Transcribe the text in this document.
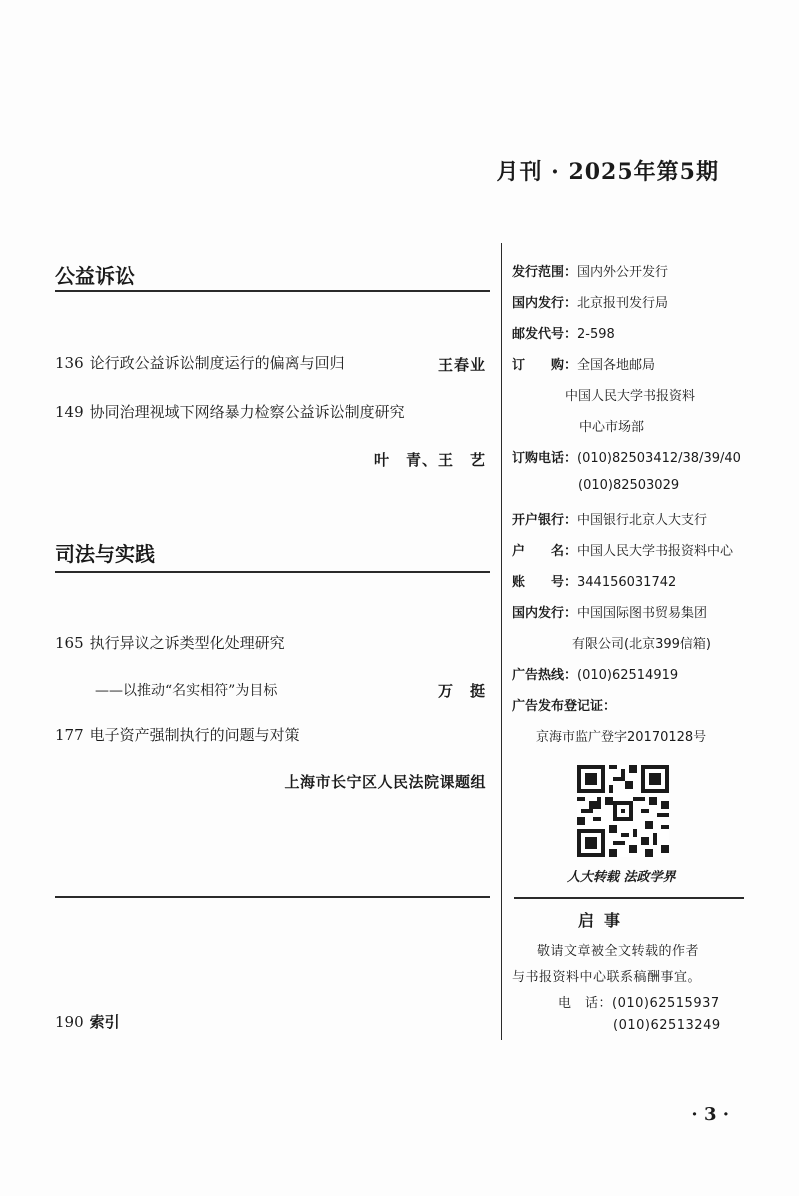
月刊 · 2025年第5期
公益诉讼
136 论行政公益诉讼制度运行的偏离与回归	王春业
149 协同治理视域下网络暴力检察公益诉讼制度研究
叶　青、王　艺
司法与实践
165 执行异议之诉类型化处理研究
——以推动“名实相符”为目标	万　挺
177 电子资产强制执行的问题与对策
上海市长宁区人民法院课题组
190 索引
发行范围：国内外公开发行
国内发行：北京报刊发行局
邮发代号：2-598
订　　购：全国各地邮局
中国人民大学书报资料
中心市场部
订购电话：(010)82503412/38/39/40
(010)82503029
开户银行：中国银行北京人大支行
户　　名：中国人民大学书报资料中心
账　　号：344156031742
国内发行：中国国际图书贸易集团
有限公司(北京399信箱)
广告热线：(010)62514919
广告发布登记证：
京海市监广登字20170128号
人大转载 法政学界
启事
敬请文章被全文转载的作者
与书报资料中心联系稿酬事宜。
电　话：(010)62515937
(010)62513249
· 3 ·
